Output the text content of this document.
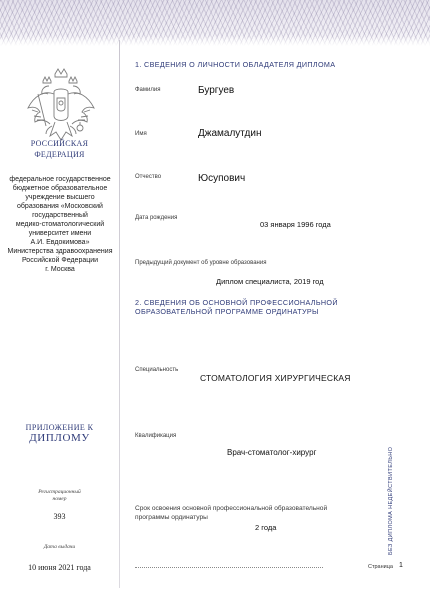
РОССИЙСКАЯ
ФЕДЕРАЦИЯ
федеральное государственное
бюджетное образовательное
учреждение высшего
образования «Московский
государственный
медико-стоматологический
университет имени
А.И. Евдокимова»
Министерства здравоохранения
Российской Федерации
г. Москва
ПРИЛОЖЕНИЕ К
ДИПЛОМУ
Регистрационный
номер
393
Дата выдачи
10 июня 2021 года
1. СВЕДЕНИЯ О ЛИЧНОСТИ ОБЛАДАТЕЛЯ ДИПЛОМА
Фамилия	Бургуев
Имя	Джамалутдин
Отчество	Юсупович
Дата рождения
03 января 1996 года
Предыдущий документ об уровне образования
Диплом специалиста, 2019 год
2. СВЕДЕНИЯ ОБ ОСНОВНОЙ ПРОФЕССИОНАЛЬНОЙ
ОБРАЗОВАТЕЛЬНОЙ ПРОГРАММЕ ОРДИНАТУРЫ
Специальность
СТОМАТОЛОГИЯ ХИРУРГИЧЕСКАЯ
Квалификация
Врач-стоматолог-хирург
Срок освоения основной профессиональной образовательной
программы ординатуры
2 года	БЕЗ ДИПЛОМА НЕДЕЙСТВИТЕЛЬНО
Страница 1
